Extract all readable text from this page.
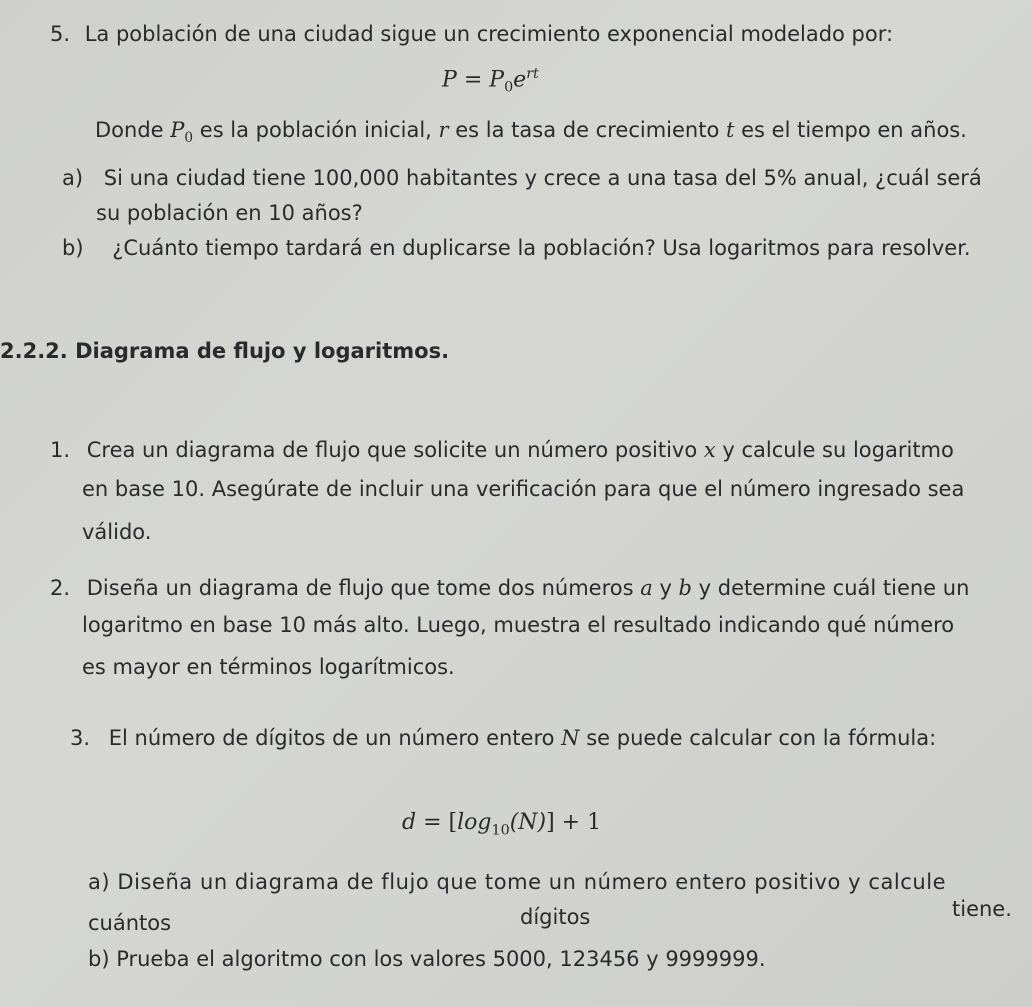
5. La población de una ciudad sigue un crecimiento exponencial modelado por:
$P = P_0e^{rt}$
Donde $P_0$ es la población inicial, r es la tasa de crecimiento t es el tiempo en años.
a) Si una ciudad tiene 100,000 habitantes y crece a una tasa del 5% anual, ¿cuál será
su población en 10 años?
b) ¿Cuánto tiempo tardará en duplicarse la población? Usa logaritmos para resolver.
2.2.2. Diagrama de flujo y logaritmos.
1. Crea un diagrama de flujo que solicite un número positivo x y calcule su logaritmo
en base 10. Asegúrate de incluir una verificación para que el número ingresado sea
válido.
2. Diseña un diagrama de flujo que tome dos números a y b y determine cuál tiene un
logaritmo en base 10 más alto. Luego, muestra el resultado indicando qué número
es mayor en términos logarítmicos.
3. El número de dígitos de un número entero N se puede calcular con la fórmula:
$d = [\log_{10}(N)] + 1$
a) Diseña un diagrama de flujo que tome un número entero positivo y calcule
cuántos	dígitos	tiene.
b) Prueba el algoritmo con los valores 5000, 123456 y 9999999.
